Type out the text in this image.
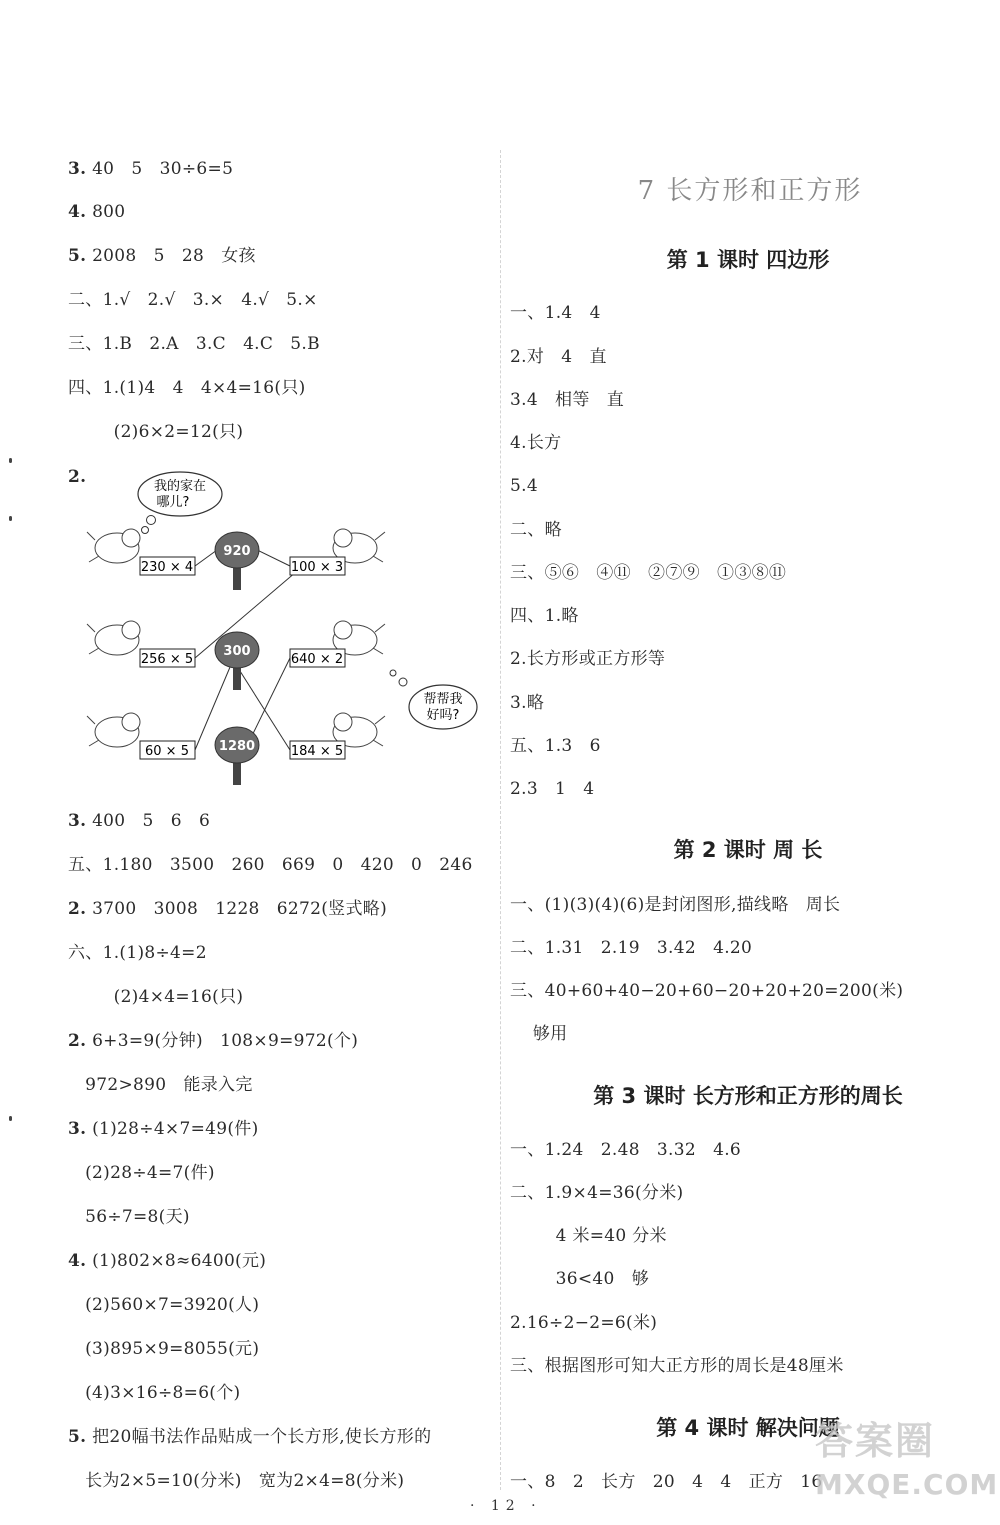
3. 40   5   30÷6=5
4. 800
5. 2008   5   28   女孩
二、1.√   2.√   3.×   4.√   5.×
三、1.B   2.A   3.C   4.C   5.B
四、1.(1)4   4   4×4=16(只)
(2)6×2=12(只)
2.	我的家在
哪儿?
帮帮我
好吗?
230 × 4
256 × 5
60 × 5
920
300
1280
100 × 3
640 × 2
184 × 5
3. 400   5   6   6
五、1.180   3500   260   669   0   420   0   246
2. 3700   3008   1228   6272(竖式略)
六、1.(1)8÷4=2
(2)4×4=16(只)
2. 6+3=9(分钟)   108×9=972(个)
972>890   能录入完
3. (1)28÷4×7=49(件)
(2)28÷4=7(件)
56÷7=8(天)
4. (1)802×8≈6400(元)
(2)560×7=3920(人)
(3)895×9=8055(元)
(4)3×16÷8=6(个)
5. 把20幅书法作品贴成一个长方形,使长方形的
长为2×5=10(分米)   宽为2×4=8(分米)
7 长方形和正方形
第 1 课时 四边形
一、1.4   4
2.对   4   直
3.4   相等   直
4.长方
5.4
二、略
三、⑤⑥   ④⑪   ②⑦⑨   ①③⑧⑪
四、1.略
2.长方形或正方形等
3.略
五、1.3   6
2.3   1   4
第 2 课时 周 长
一、(1)(3)(4)(6)是封闭图形,描线略   周长
二、1.31   2.19   3.42   4.20
三、40+60+40−20+60−20+20+20=200(米)
够用
第 3 课时 长方形和正方形的周长
一、1.24   2.48   3.32   4.6
二、1.9×4=36(分米)
4 米=40 分米
36<40   够
2.16÷2−2=6(米)
三、根据图形可知大正方形的周长是48厘米
第 4 课时 解决问题
一、8   2   长方   20   4   4   正方   16
· 12 ·
答案圈
MXQE.COM
